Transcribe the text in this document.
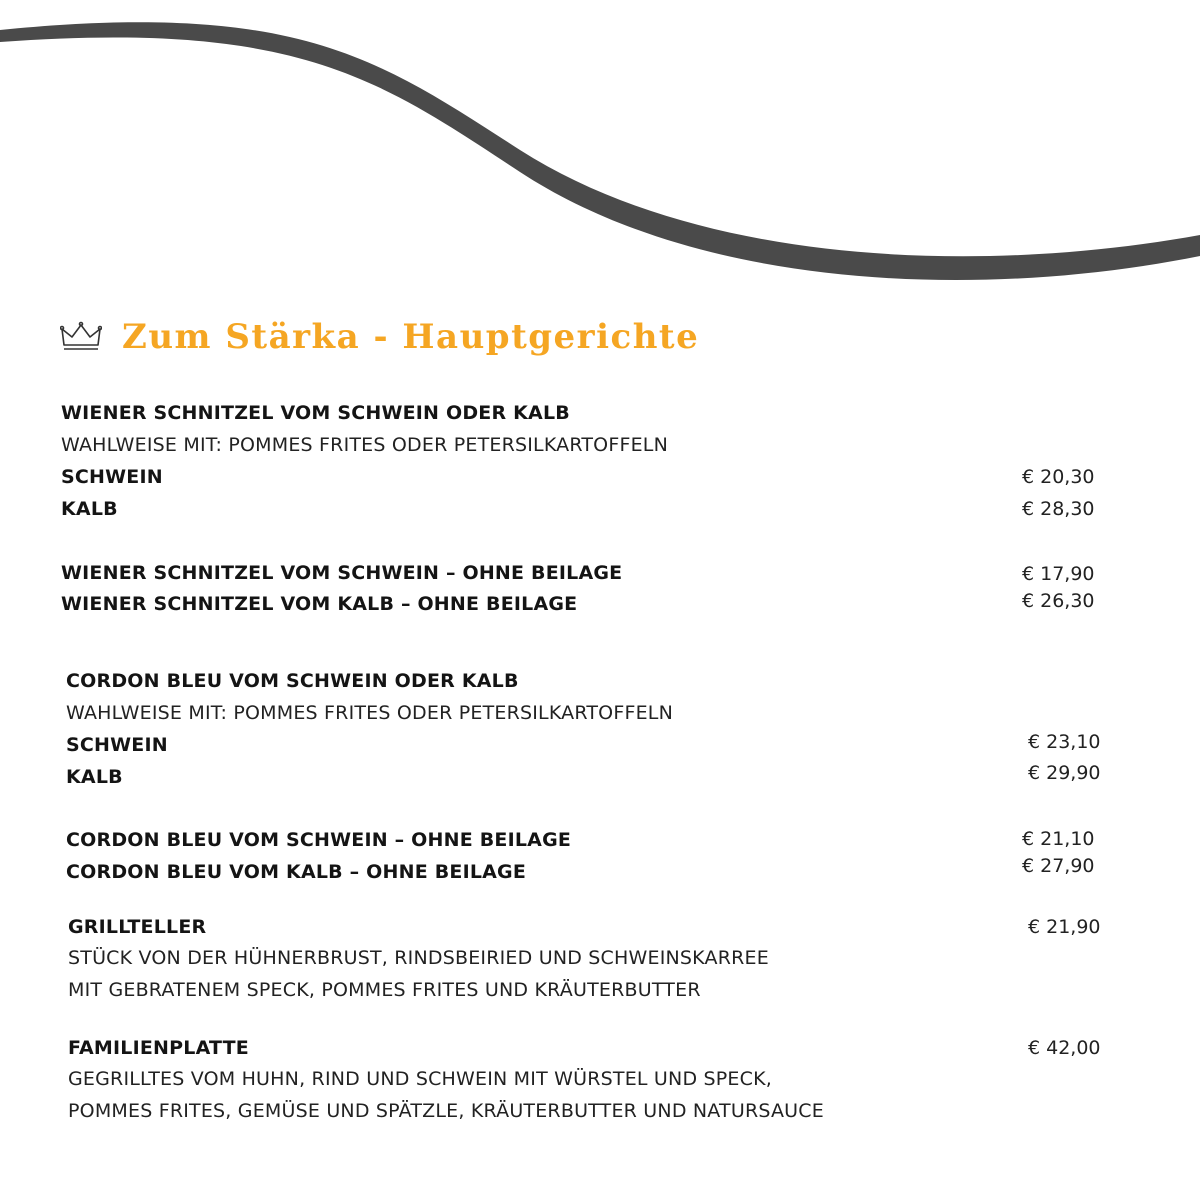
Zum Stärka - Hauptgerichte
WIENER SCHNITZEL VOM SCHWEIN ODER KALB
WAHLWEISE MIT: POMMES FRITES ODER PETERSILKARTOFFELN
SCHWEIN	€ 20,30
KALB	€ 28,30
WIENER SCHNITZEL VOM SCHWEIN – OHNE BEILAGE	€ 17,90
WIENER SCHNITZEL VOM KALB – OHNE BEILAGE	€ 26,30
CORDON BLEU VOM SCHWEIN ODER KALB
WAHLWEISE MIT: POMMES FRITES ODER PETERSILKARTOFFELN
SCHWEIN	€ 23,10
KALB	€ 29,90
CORDON BLEU VOM SCHWEIN – OHNE BEILAGE	€ 21,10
CORDON BLEU VOM KALB – OHNE BEILAGE	€ 27,90
GRILLTELLER	€ 21,90
STÜCK VON DER HÜHNERBRUST, RINDSBEIRIED UND SCHWEINSKARREE
MIT GEBRATENEM SPECK, POMMES FRITES UND KRÄUTERBUTTER
FAMILIENPLATTE	€ 42,00
GEGRILLTES VOM HUHN, RIND UND SCHWEIN MIT WÜRSTEL UND SPECK,
POMMES FRITES, GEMÜSE UND SPÄTZLE, KRÄUTERBUTTER UND NATURSAUCE
